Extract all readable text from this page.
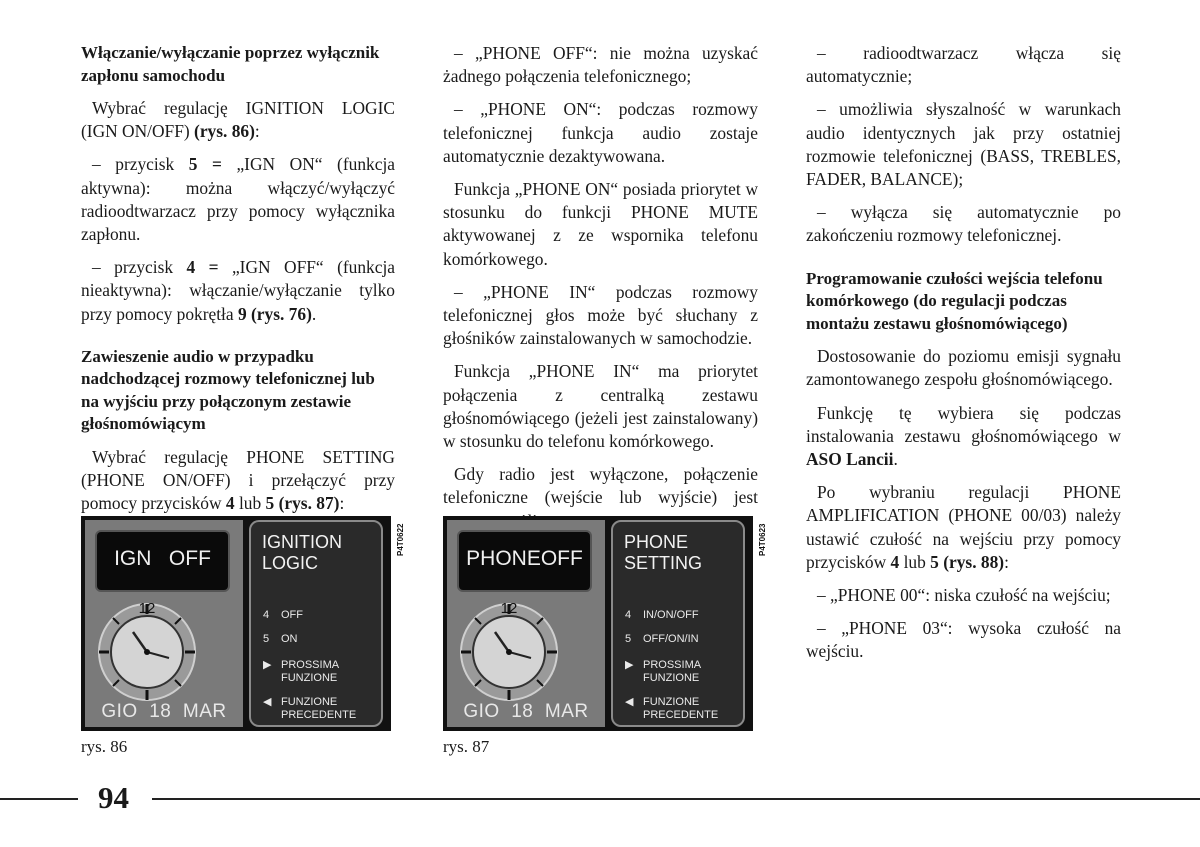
Włączanie/wyłączanie poprzez wyłącznik zapłonu samochodu

Wybrać regulację IGNITION LOGIC (IGN ON/OFF) (rys. 86):

– przycisk 5 = „IGN ON“ (funkcja aktywna): można włączyć/wyłączyć radioodtwarzacz przy pomocy wyłącznika zapłonu.

– przycisk 4 = „IGN OFF“ (funkcja nieaktywna): włączanie/wyłączanie tylko przy pomocy pokrętła 9 (rys. 76).

Zawieszenie audio w przypadku nadchodzącej rozmowy telefonicznej lub na wyjściu przy połączonym zestawie głośnomówiącym

Wybrać regulację PHONE SETTING (PHONE ON/OFF) i przełączyć przy pomocy przycisków 4 lub 5 (rys. 87):

– „PHONE OFF“: nie można uzyskać żadnego połączenia telefonicznego;

– „PHONE ON“: podczas rozmowy telefonicznej funkcja audio zostaje automatycznie dezaktywowana.

Funkcja „PHONE ON“ posiada priorytet w stosunku do funkcji PHONE MUTE aktywowanej z ze wspornika telefonu komórkowego.

– „PHONE IN“ podczas rozmowy telefonicznej głos może być słuchany z głośników zainstalowanych w samochodzie.

Funkcja „PHONE IN“ ma priorytet połączenia z centralką zestawu głośnomówiącego (jeżeli jest zainstalowany) w stosunku do telefonu komórkowego.

Gdy radio jest wyłączone, połączenie telefoniczne (wejście lub wyjście) jest

– radioodtwarzacz włącza się automatycznie;

– umożliwia słyszalność w warunkach audio identycznych jak przy ostatniej rozmowie telefonicznej (BASS, TREBLES, FADER, BALANCE);

– wyłącza się automatycznie po zakończeniu rozmowy telefonicznej.

Programowanie czułości wejścia telefonu komórkowego (do regulacji podczas montażu zestawu głośnomówiącego)

Dostosowanie do poziomu emisji sygnału zamontowanego zespołu głośnomówiącego.

Funkcję tę wybiera się podczas instalowania zestawu głośnomówiącego w ASO Lancii.

Po wybraniu regulacji PHONE AMPLIFICATION (PHONE 00/03) należy ustawić czułość na wejściu przy pomocy przycisków 4 lub 5 (rys. 88):

– „PHONE 00“: niska czułość na wejściu;

– „PHONE 03“: wysoka czułość na wejściu.

IGN   OFF
12
GIO  18  MAR
IGNITION
LOGIC
4 OFF
5 ON
▶ PROSSIMA
FUNZIONE
◀ FUNZIONE
PRECEDENTE
P4T0622
rys. 86
PHONEOFF
12
GIO  18  MAR
PHONE
SETTING
4 IN/ON/OFF
5 OFF/ON/IN
▶ PROSSIMA
FUNZIONE
◀ FUNZIONE
PRECEDENTE
P4T0623
rys. 87
94
